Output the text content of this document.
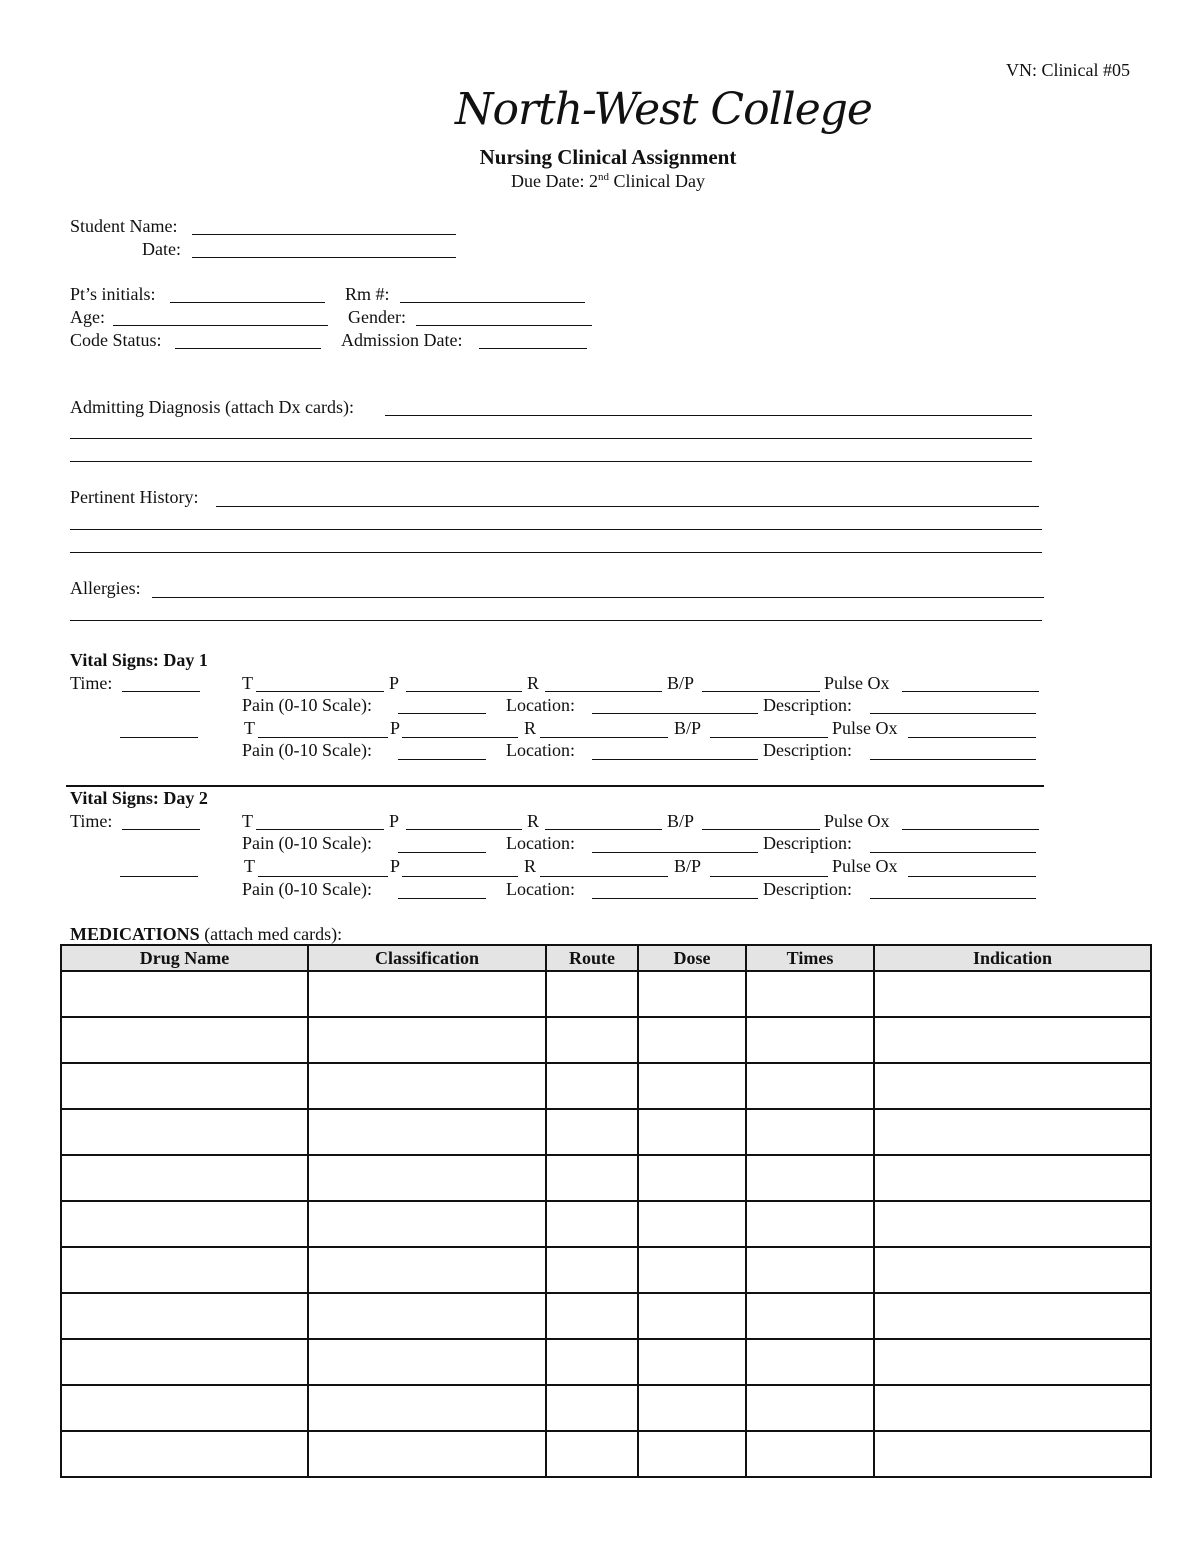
VN: Clinical #05
North-West College
Nursing Clinical Assignment
Due Date: 2nd Clinical Day
Student Name:
Date:
Pt’s initials:	Rm #:
Age:	Gender:
Code Status:	Admission Date:
Admitting Diagnosis (attach Dx cards):
Pertinent History:
Allergies:
Vital Signs: Day 1
Time:	T	P	R	B/P	Pulse Ox
Pain (0-10 Scale):	Location:	Description:
T	P	R	B/P	Pulse Ox
Pain (0-10 Scale):	Location:	Description:
Vital Signs: Day 2
Time:	T	P	R	B/P	Pulse Ox
Pain (0-10 Scale):	Location:	Description:
T	P	R	B/P	Pulse Ox
Pain (0-10 Scale):	Location:	Description:
MEDICATIONS (attach med cards):
Drug Name	Classification	Route	Dose	Times	Indication
